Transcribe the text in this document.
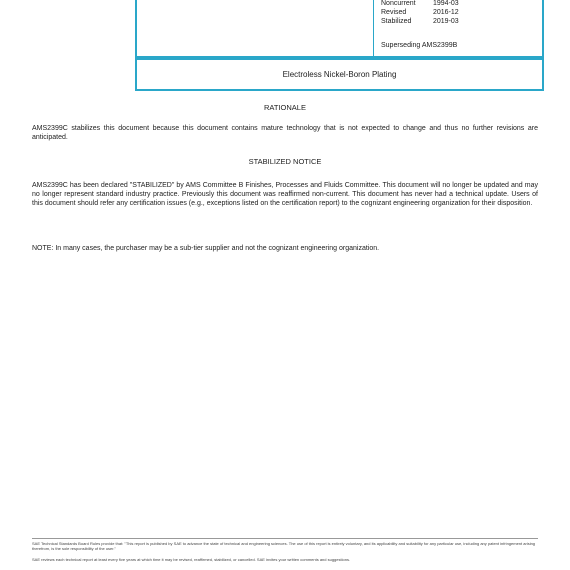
Noncurrent	1994-03
Revised	2016-12
Stabilized	2019-03
Superseding AMS2399B
Electroless Nickel-Boron Plating
RATIONALE

AMS2399C stabilizes this document because this document contains mature technology that is not expected to change and thus no further revisions are anticipated.

STABILIZED NOTICE

AMS2399C has been declared "STABILIZED" by AMS Committee B Finishes, Processes and Fluids Committee. This document will no longer be updated and may no longer represent standard industry practice. Previously this document was reaffirmed non-current. This document has never had a technical update. Users of this document should refer any certification issues (e.g., exceptions listed on the certification report) to the cognizant engineering organization for their disposition.

NOTE: In many cases, the purchaser may be a sub-tier supplier and not the cognizant engineering organization.

SAE Technical Standards Board Rules provide that: "This report is published by SAE to advance the state of technical and engineering sciences. The use of this report is entirely voluntary, and its applicability and suitability for any particular use, including any patent infringement arising therefrom, is the sole responsibility of the user."
SAE reviews each technical report at least every five years at which time it may be revised, reaffirmed, stabilized, or cancelled. SAE invites your written comments and suggestions.
